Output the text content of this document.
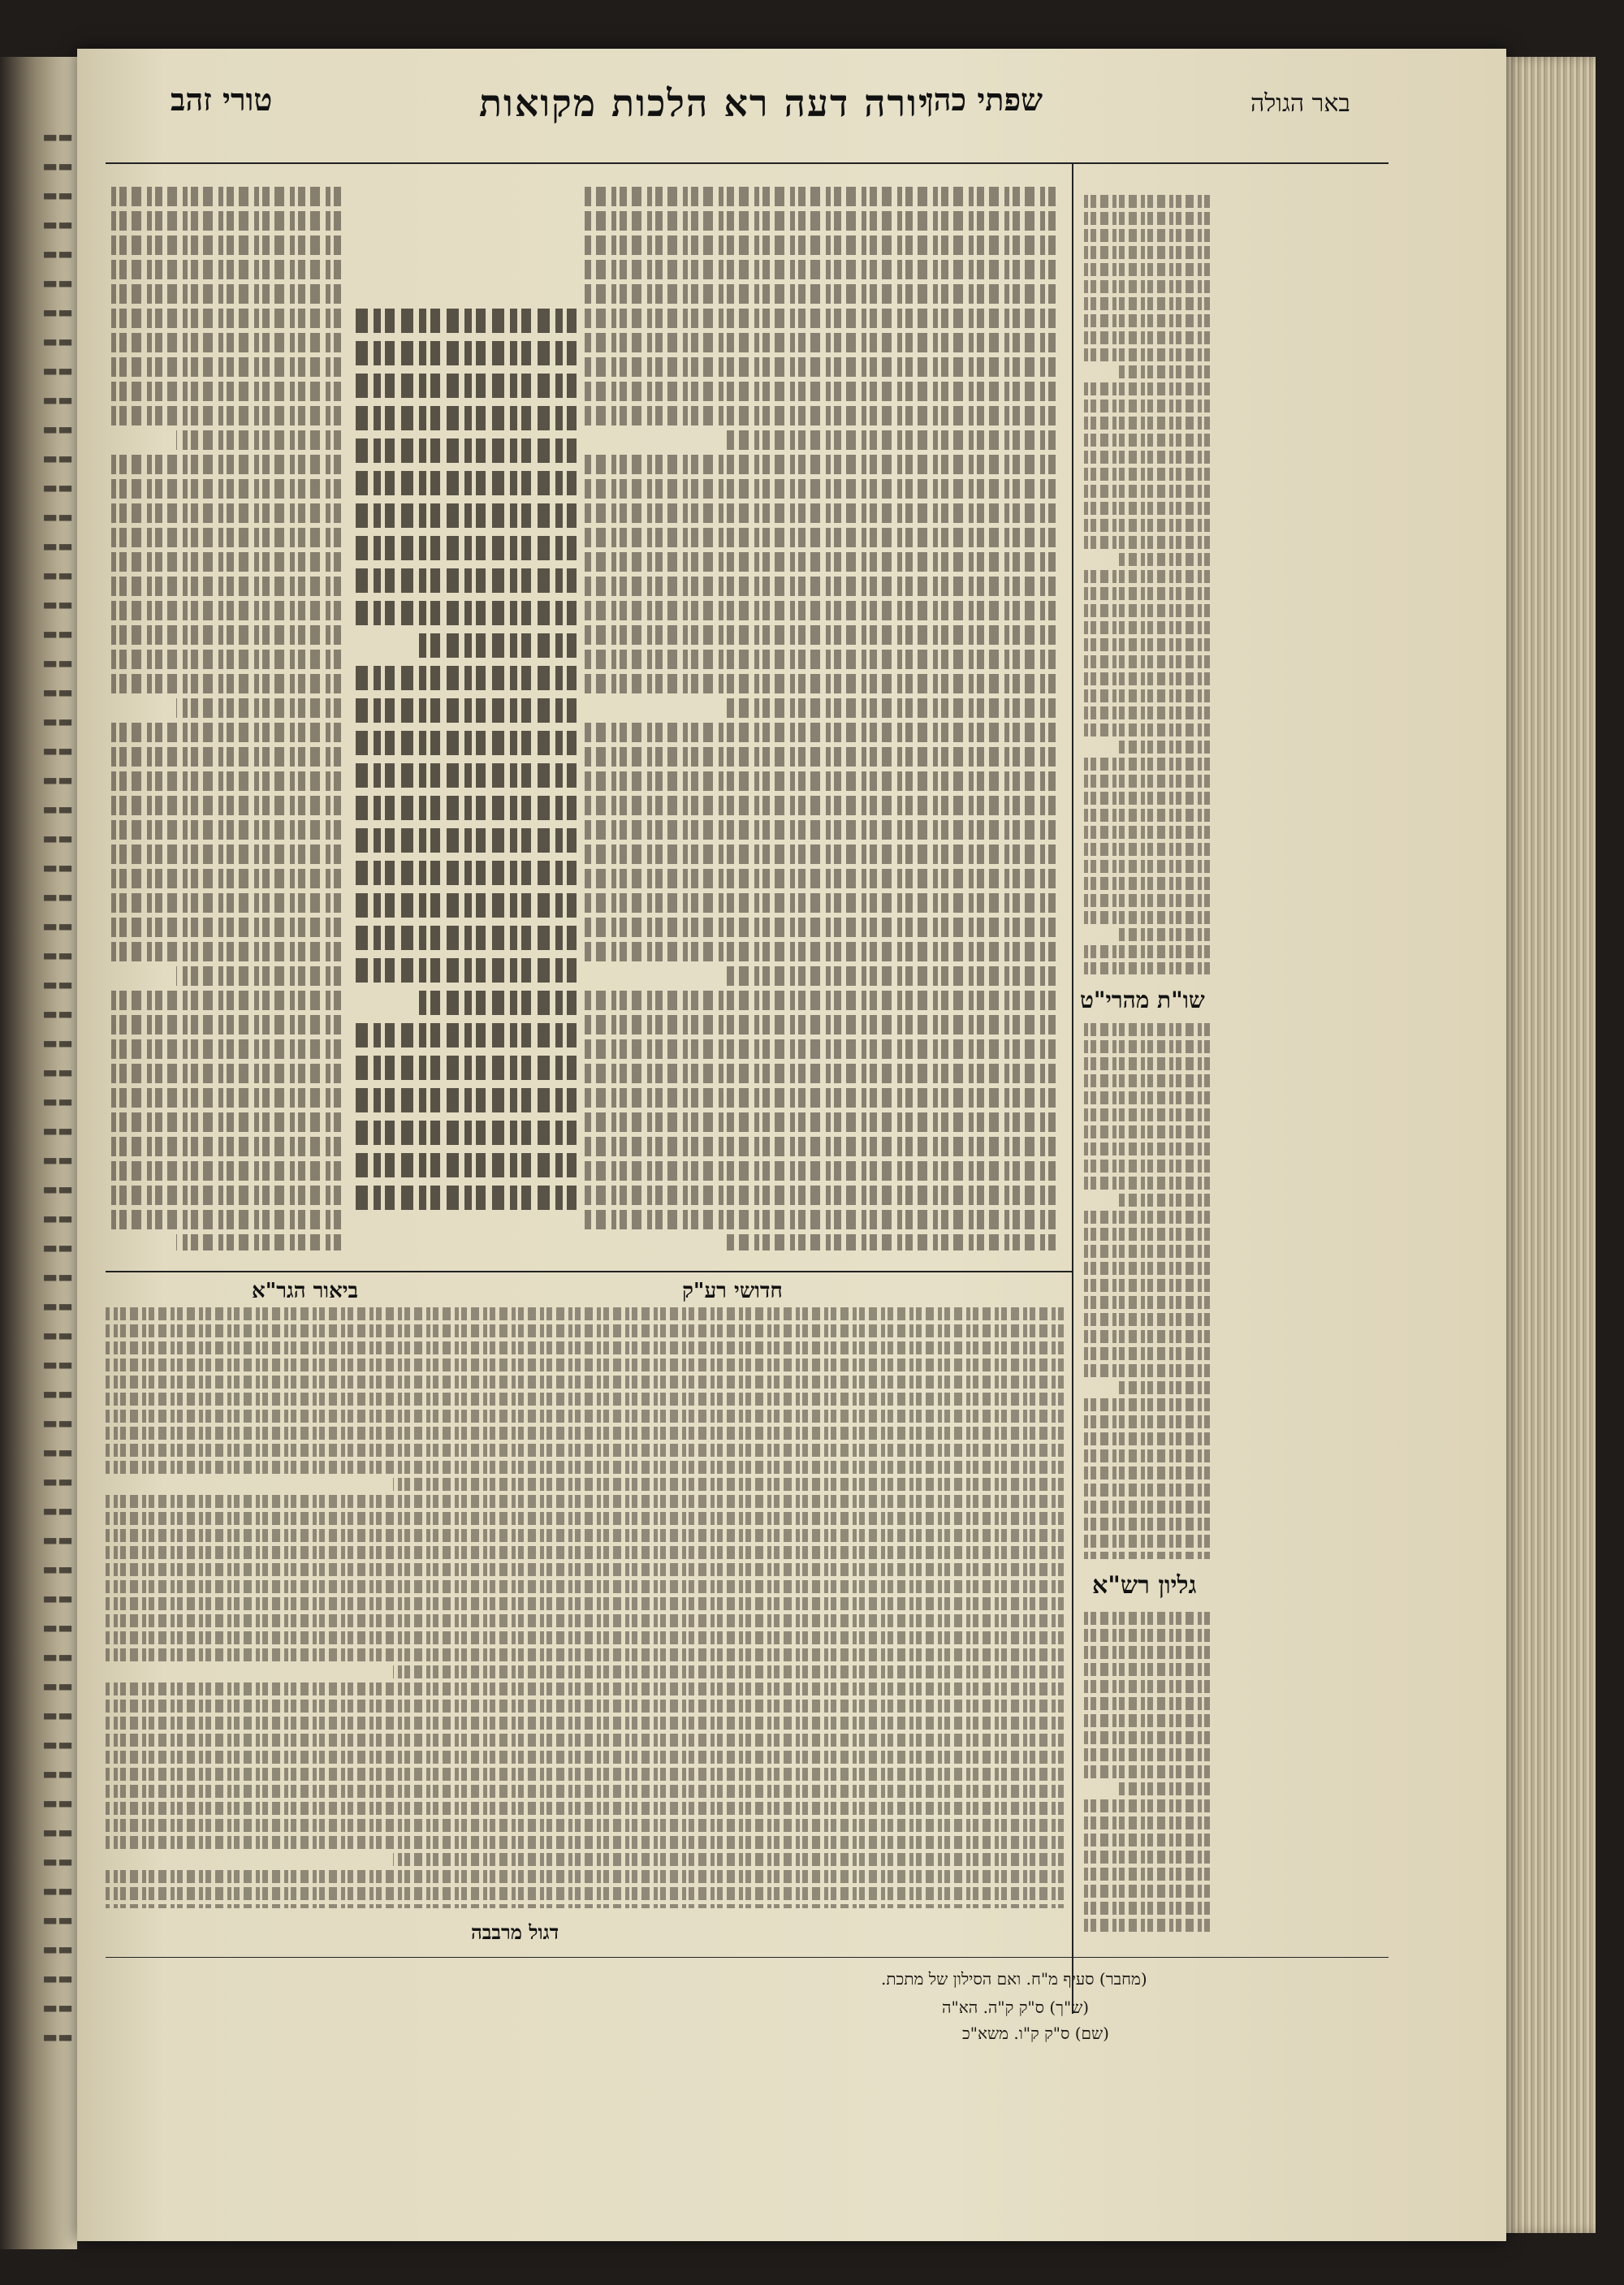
▬▬
▬▬
▬▬
▬▬
▬▬
▬▬
▬▬
▬▬
▬▬
▬▬
▬▬
▬▬
▬▬
▬▬
▬▬
▬▬
▬▬
▬▬
▬▬
▬▬
▬▬
▬▬
▬▬
▬▬
▬▬
▬▬
▬▬
▬▬
▬▬
▬▬
▬▬
▬▬
▬▬
▬▬
▬▬
▬▬
▬▬
▬▬
▬▬
▬▬
▬▬
▬▬
▬▬
▬▬
▬▬
▬▬
▬▬
▬▬
▬▬
▬▬
▬▬
▬▬
▬▬
▬▬
▬▬
▬▬
▬▬
▬▬
▬▬
▬▬
▬▬
▬▬
▬▬
▬▬
▬▬
▬▬
באר הגולה
שפתי כהן
יורה דעה רא הלכות מקואות
טורי זהב
שו"ת מהרי"ט
גליון רש"א
חדושי רע"ק
ביאור הגר"א
דגול מרבבה
(מחבר) סעיף מ"ח. ואם הסילון של מתכת.
(ש"ך) ס"ק ק"ה. הא"ה
(שם) ס"ק ק"ו. משא"כ
